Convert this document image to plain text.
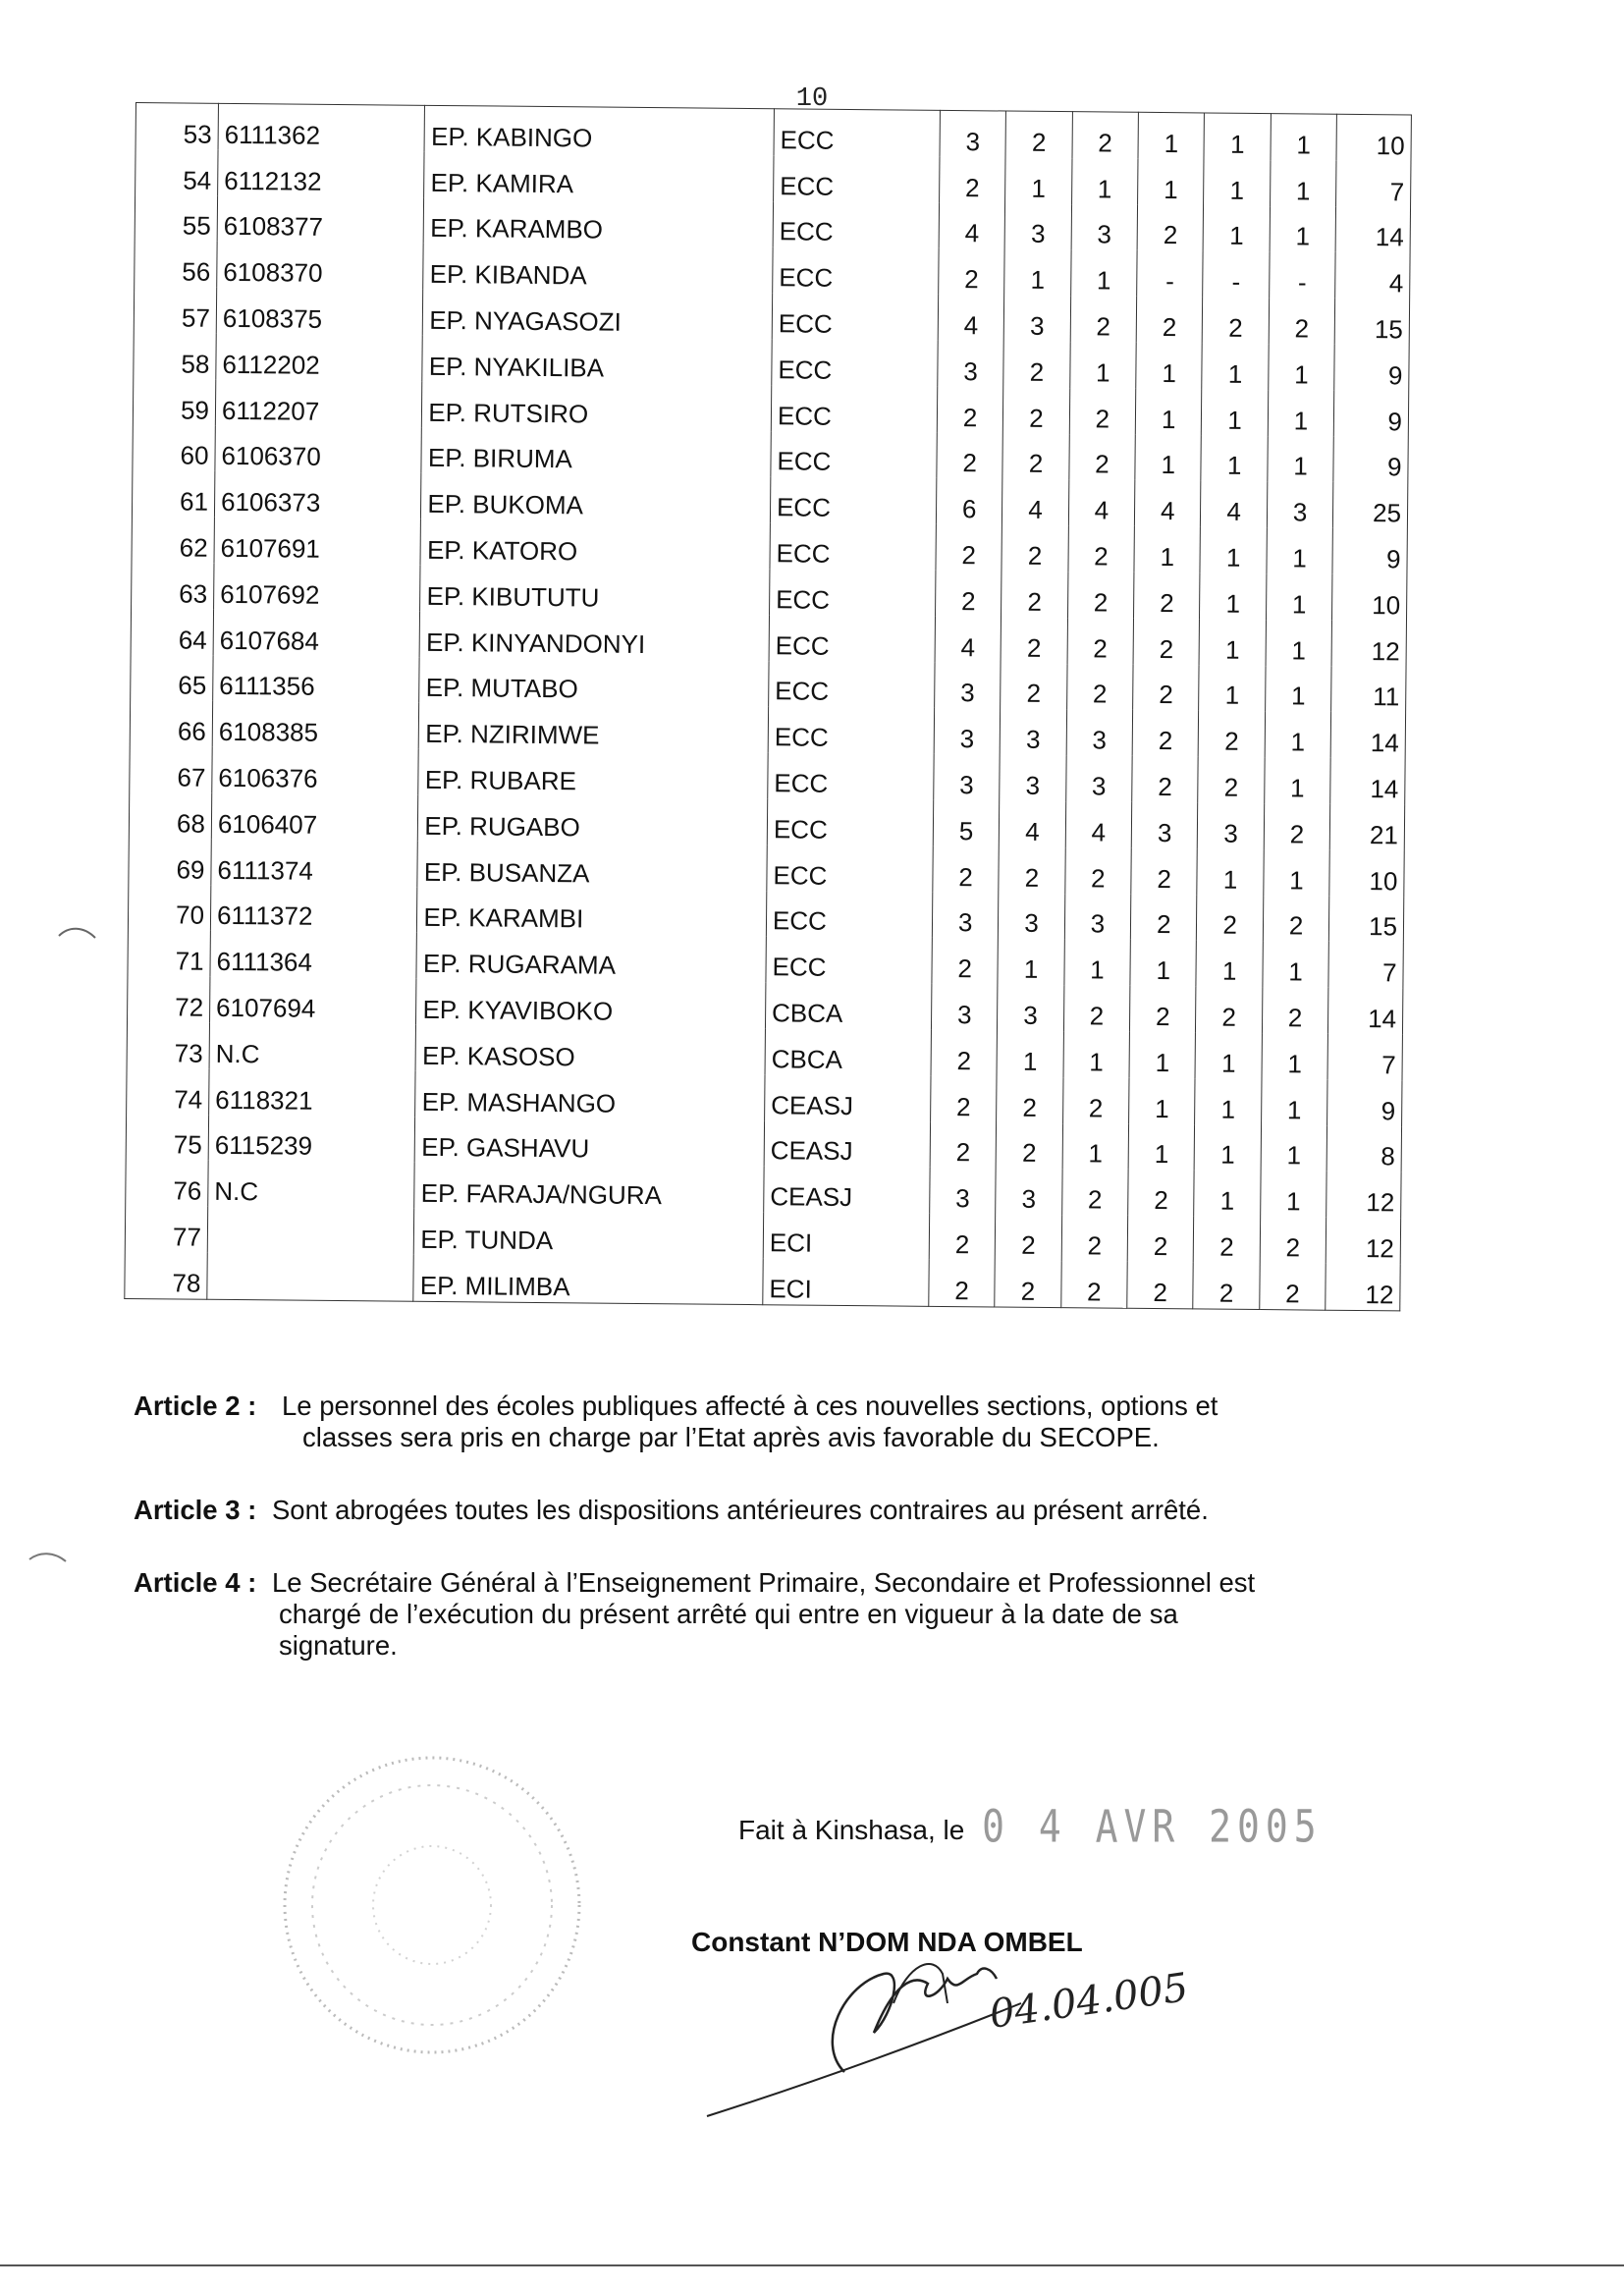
10
53	6111362	EP. KABINGO	ECC	3	2	2	1	1	1	10
54	6112132	EP. KAMIRA	ECC	2	1	1	1	1	1	7
55	6108377	EP. KARAMBO	ECC	4	3	3	2	1	1	14
56	6108370	EP. KIBANDA	ECC	2	1	1	-	-	-	4
57	6108375	EP. NYAGASOZI	ECC	4	3	2	2	2	2	15
58	6112202	EP. NYAKILIBA	ECC	3	2	1	1	1	1	9
59	6112207	EP. RUTSIRO	ECC	2	2	2	1	1	1	9
60	6106370	EP. BIRUMA	ECC	2	2	2	1	1	1	9
61	6106373	EP. BUKOMA	ECC	6	4	4	4	4	3	25
62	6107691	EP. KATORO	ECC	2	2	2	1	1	1	9
63	6107692	EP. KIBUTUTU	ECC	2	2	2	2	1	1	10
64	6107684	EP. KINYANDONYI	ECC	4	2	2	2	1	1	12
65	6111356	EP. MUTABO	ECC	3	2	2	2	1	1	11
66	6108385	EP. NZIRIMWE	ECC	3	3	3	2	2	1	14
67	6106376	EP. RUBARE	ECC	3	3	3	2	2	1	14
68	6106407	EP. RUGABO	ECC	5	4	4	3	3	2	21
69	6111374	EP. BUSANZA	ECC	2	2	2	2	1	1	10
70	6111372	EP. KARAMBI	ECC	3	3	3	2	2	2	15
71	6111364	EP. RUGARAMA	ECC	2	1	1	1	1	1	7
72	6107694	EP. KYAVIBOKO	CBCA	3	3	2	2	2	2	14
73	N.C	EP. KASOSO	CBCA	2	1	1	1	1	1	7
74	6118321	EP. MASHANGO	CEASJ	2	2	2	1	1	1	9
75	6115239	EP. GASHAVU	CEASJ	2	2	1	1	1	1	8
76	N.C	EP. FARAJA/NGURA	CEASJ	3	3	2	2	1	1	12
77		EP. TUNDA	ECI	2	2	2	2	2	2	12
78		EP. MILIMBA	ECI	2	2	2	2	2	2	12
Article 2 : Le personnel des écoles publiques affecté à ces nouvelles sections, options et
classes sera pris en charge par l’Etat après avis favorable du SECOPE.
Article 3 : Sont abrogées toutes les dispositions antérieures contraires au présent arrêté.
Article 4 : Le Secrétaire Général à l’Enseignement Primaire, Secondaire et Professionnel est
chargé de l’exécution du présent arrêté qui entre en vigueur à la date de sa
signature.
Fait à Kinshasa, le 0 4 AVR 2005
Constant N’DOM NDA OMBEL
04.04.005
